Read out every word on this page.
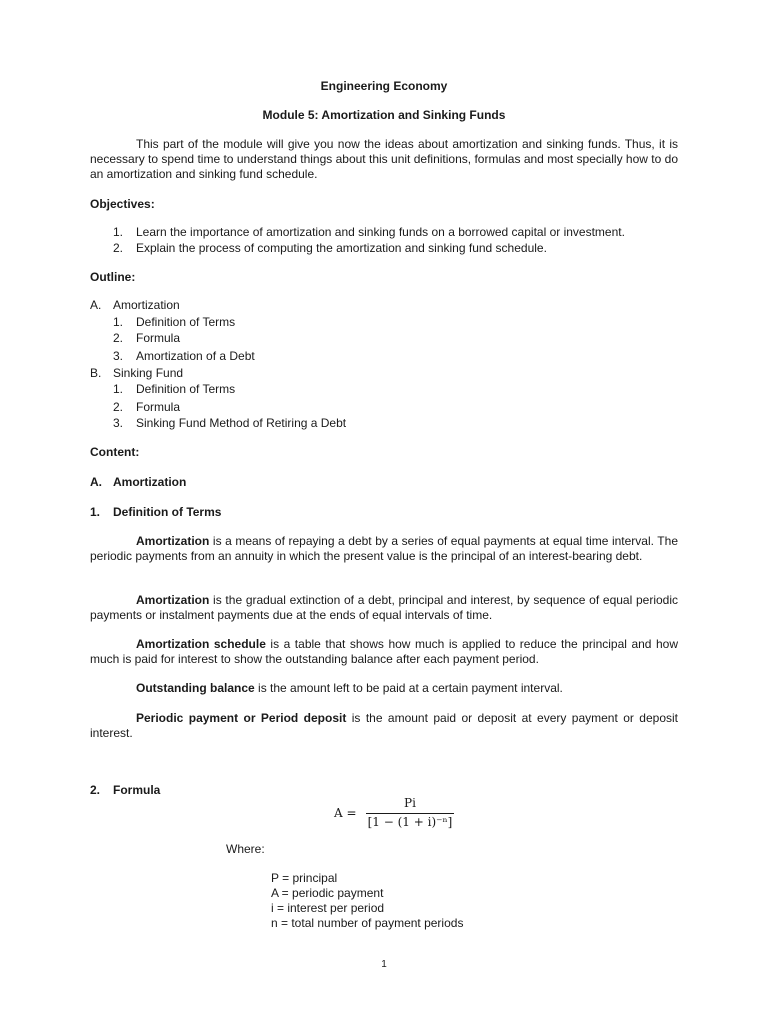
Engineering Economy
Module 5: Amortization and Sinking Funds
This part of the module will give you now the ideas about amortization and sinking funds. Thus, it is necessary to spend time to understand things about this unit definitions, formulas and most specially how to do an amortization and sinking fund schedule.
Objectives:
1. Learn the importance of amortization and sinking funds on a borrowed capital or investment.
2. Explain the process of computing the amortization and sinking fund schedule.
Outline:
A. Amortization
1. Definition of Terms
2. Formula
3. Amortization of a Debt
B. Sinking Fund
1. Definition of Terms
2. Formula
3. Sinking Fund Method of Retiring a Debt
Content:
A. Amortization
1. Definition of Terms
Amortization is a means of repaying a debt by a series of equal payments at equal time interval. The periodic payments from an annuity in which the present value is the principal of an interest-bearing debt.
Amortization is the gradual extinction of a debt, principal and interest, by sequence of equal periodic payments or instalment payments due at the ends of equal intervals of time.
Amortization schedule is a table that shows how much is applied to reduce the principal and how much is paid for interest to show the outstanding balance after each payment period.
Outstanding balance is the amount left to be paid at a certain payment interval.
Periodic payment or Period deposit is the amount paid or deposit at every payment or deposit interest.
2. Formula
A =
Pi
[1 − (1 + i)⁻ⁿ]
Where:
P = principal
A = periodic payment
i = interest per period
n = total number of payment periods
1
